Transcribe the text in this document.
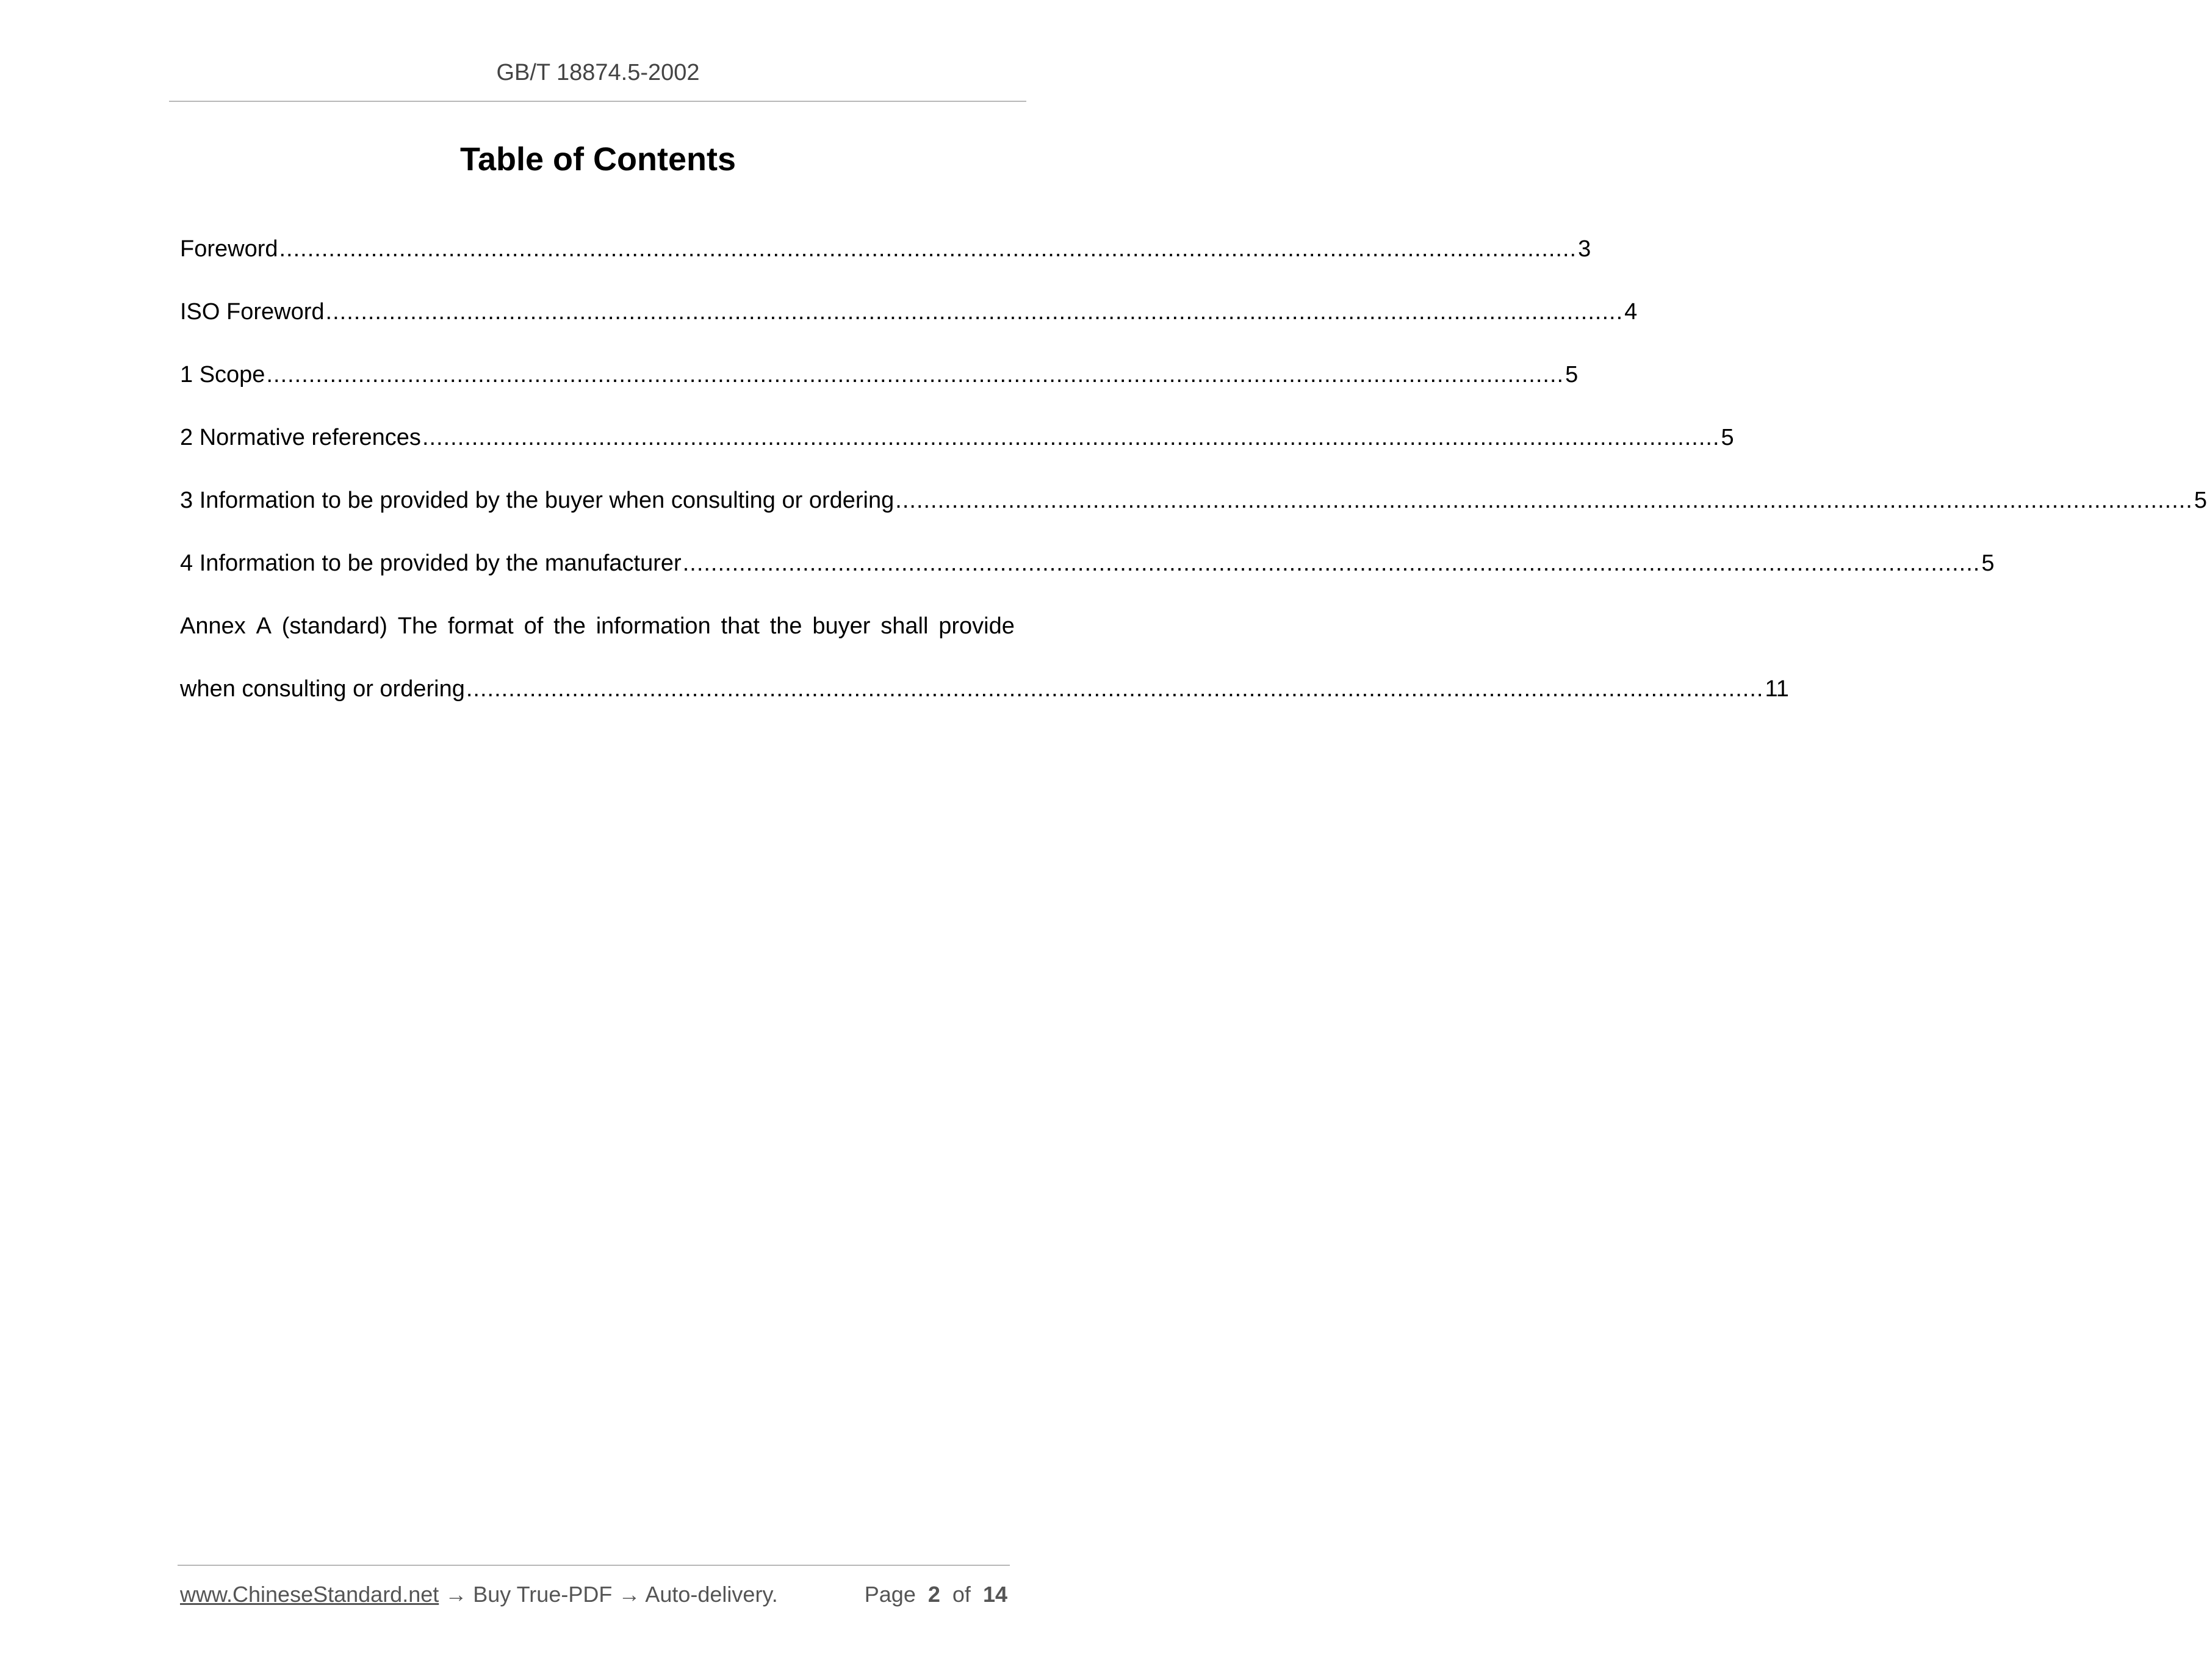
GB/T 18874.5-2002
Table of Contents
Foreword ........................................................................................................................................................................................ 3
ISO Foreword ........................................................................................................................................................................................ 4
1 Scope ........................................................................................................................................................................................ 5
2 Normative references ........................................................................................................................................................................................ 5
3 Information to be provided by the buyer when consulting or ordering ........................................................................................................................................................................................ 5
4 Information to be provided by the manufacturer ........................................................................................................................................................................................ 5
Annex A (standard) The format of the information that the buyer shall provide
when consulting or ordering ........................................................................................................................................................................................ 11
www.ChineseStandard.net → Buy True-PDF → Auto-delivery.	Page 2 of 14
